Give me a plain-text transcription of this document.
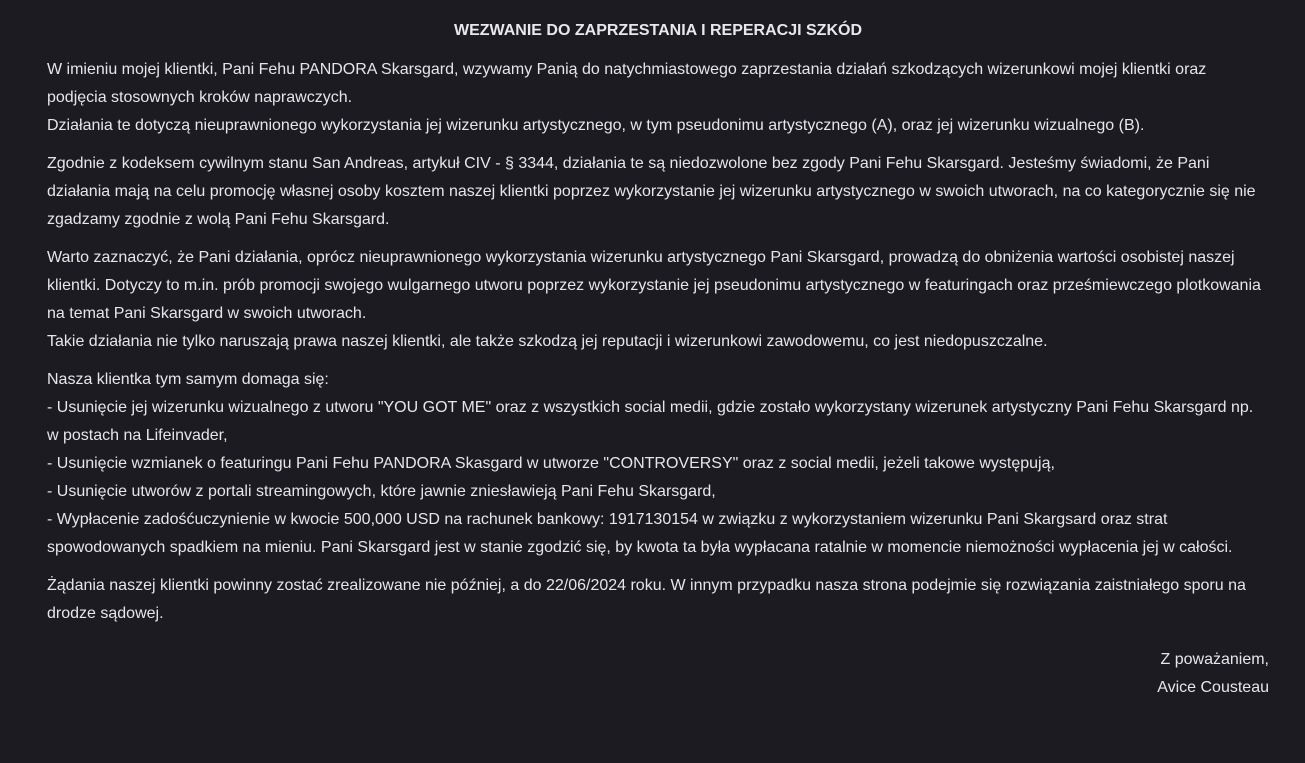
WEZWANIE DO ZAPRZESTANIA I REPERACJI SZKÓD
W imieniu mojej klientki, Pani Fehu PANDORA Skarsgard, wzywamy Panią do natychmiastowego zaprzestania działań szkodzących wizerunkowi mojej klientki oraz podjęcia stosownych kroków naprawczych.
Działania te dotyczą nieuprawnionego wykorzystania jej wizerunku artystycznego, w tym pseudonimu artystycznego (A), oraz jej wizerunku wizualnego (B).
Zgodnie z kodeksem cywilnym stanu San Andreas, artykuł CIV - § 3344, działania te są niedozwolone bez zgody Pani Fehu Skarsgard. Jesteśmy świadomi, że Pani działania mają na celu promocję własnej osoby kosztem naszej klientki poprzez wykorzystanie jej wizerunku artystycznego w swoich utworach, na co kategorycznie się nie zgadzamy zgodnie z wolą Pani Fehu Skarsgard.
Warto zaznaczyć, że Pani działania, oprócz nieuprawnionego wykorzystania wizerunku artystycznego Pani Skarsgard, prowadzą do obniżenia wartości osobistej naszej klientki. Dotyczy to m.in. prób promocji swojego wulgarnego utworu poprzez wykorzystanie jej pseudonimu artystycznego w featuringach oraz prześmiewczego plotkowania na temat Pani Skarsgard w swoich utworach.
Takie działania nie tylko naruszają prawa naszej klientki, ale także szkodzą jej reputacji i wizerunkowi zawodowemu, co jest niedopuszczalne.
Nasza klientka tym samym domaga się:
- Usunięcie jej wizerunku wizualnego z utworu "YOU GOT ME" oraz z wszystkich social medii, gdzie zostało wykorzystany wizerunek artystyczny Pani Fehu Skarsgard np. w postach na Lifeinvader,
- Usunięcie wzmianek o featuringu Pani Fehu PANDORA Skasgard w utworze "CONTROVERSY" oraz z social medii, jeżeli takowe występują,
- Usunięcie utworów z portali streamingowych, które jawnie zniesławieją Pani Fehu Skarsgard,
- Wypłacenie zadośćuczynienie w kwocie 500,000 USD na rachunek bankowy: 1917130154 w związku z wykorzystaniem wizerunku Pani Skargsard oraz strat spowodowanych spadkiem na mieniu. Pani Skarsgard jest w stanie zgodzić się, by kwota ta była wypłacana ratalnie w momencie niemożności wypłacenia jej w całości.
Żądania naszej klientki powinny zostać zrealizowane nie później, a do 22/06/2024 roku. W innym przypadku nasza strona podejmie się rozwiązania zaistniałego sporu na drodze sądowej.
Z poważaniem,
Avice Cousteau
